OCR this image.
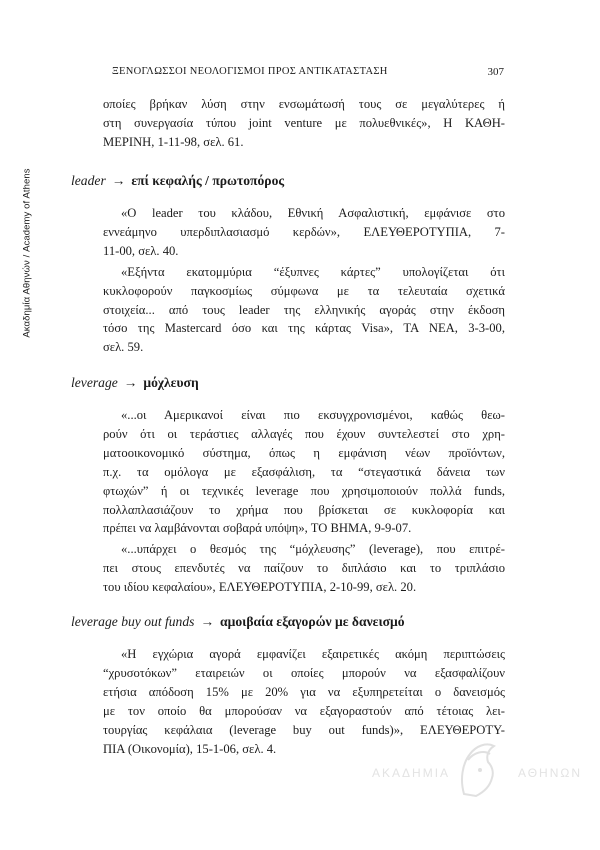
Ακαδημία Αθηνών / Academy of Athens
ΞΕΝΟΓΛΩΣΣΟΙ ΝΕΟΛΟΓΙΣΜΟΙ ΠΡΟΣ ΑΝΤΙΚΑΤΑΣΤΑΣΗ	307
οποίες βρήκαν λύση στην ενσωμάτωσή τους σε μεγαλύτερες ή
στη συνεργασία τύπου joint venture με πολυεθνικές», Η ΚΑΘΗ-
ΜΕΡΙΝΗ, 1-11-98, σελ. 61.
leader → επί κεφαλής / πρωτοπόρος
«Ο leader του κλάδου, Εθνική Ασφαλιστική, εμφάνισε στο
εννεάμηνο υπερδιπλασιασμό κερδών», ΕΛΕΥΘΕΡΟΤΥΠΙΑ, 7-
11-00, σελ. 40.
«Εξήντα εκατομμύρια “έξυπνες κάρτες” υπολογίζεται ότι
κυκλοφορούν παγκοσμίως σύμφωνα με τα τελευταία σχετικά
στοιχεία... από τους leader της ελληνικής αγοράς στην έκδοση
τόσο της Mastercard όσο και της κάρτας Visa», ΤΑ ΝΕΑ, 3-3-00,
σελ. 59.
leverage → μόχλευση
«...οι Αμερικανοί είναι πιο εκσυγχρονισμένοι, καθώς θεω-
ρούν ότι οι τεράστιες αλλαγές που έχουν συντελεστεί στο χρη-
ματοοικονομικό σύστημα, όπως η εμφάνιση νέων προϊόντων,
π.χ. τα ομόλογα με εξασφάλιση, τα “στεγαστικά δάνεια των
φτωχών” ή οι τεχνικές leverage που χρησιμοποιούν πολλά funds,
πολλαπλασιάζουν το χρήμα που βρίσκεται σε κυκλοφορία και
πρέπει να λαμβάνονται σοβαρά υπόψη», ΤΟ ΒΗΜΑ, 9-9-07.
«...υπάρχει ο θεσμός της “μόχλευσης” (leverage), που επιτρέ-
πει στους επενδυτές να παίζουν το διπλάσιο και το τριπλάσιο
του ιδίου κεφαλαίου», ΕΛΕΥΘΕΡΟΤΥΠΙΑ, 2-10-99, σελ. 20.
leverage buy out funds → αμοιβαία εξαγορών με δανεισμό
«Η εγχώρια αγορά εμφανίζει εξαιρετικές ακόμη περιπτώσεις
“χρυσοτόκων” εταιρειών οι οποίες μπορούν να εξασφαλίζουν
ετήσια απόδοση 15% με 20% για να εξυπηρετείται ο δανεισμός
με τον οποίο θα μπορούσαν να εξαγοραστούν από τέτοιας λει-
τουργίας κεφάλαια (leverage buy out funds)», ΕΛΕΥΘΕΡΟΤΥ-
ΠΙΑ (Οικονομία), 15-1-06, σελ. 4.
ΑΚΑΔΗΜΙΑ	ΑΘΗΝΩΝ
